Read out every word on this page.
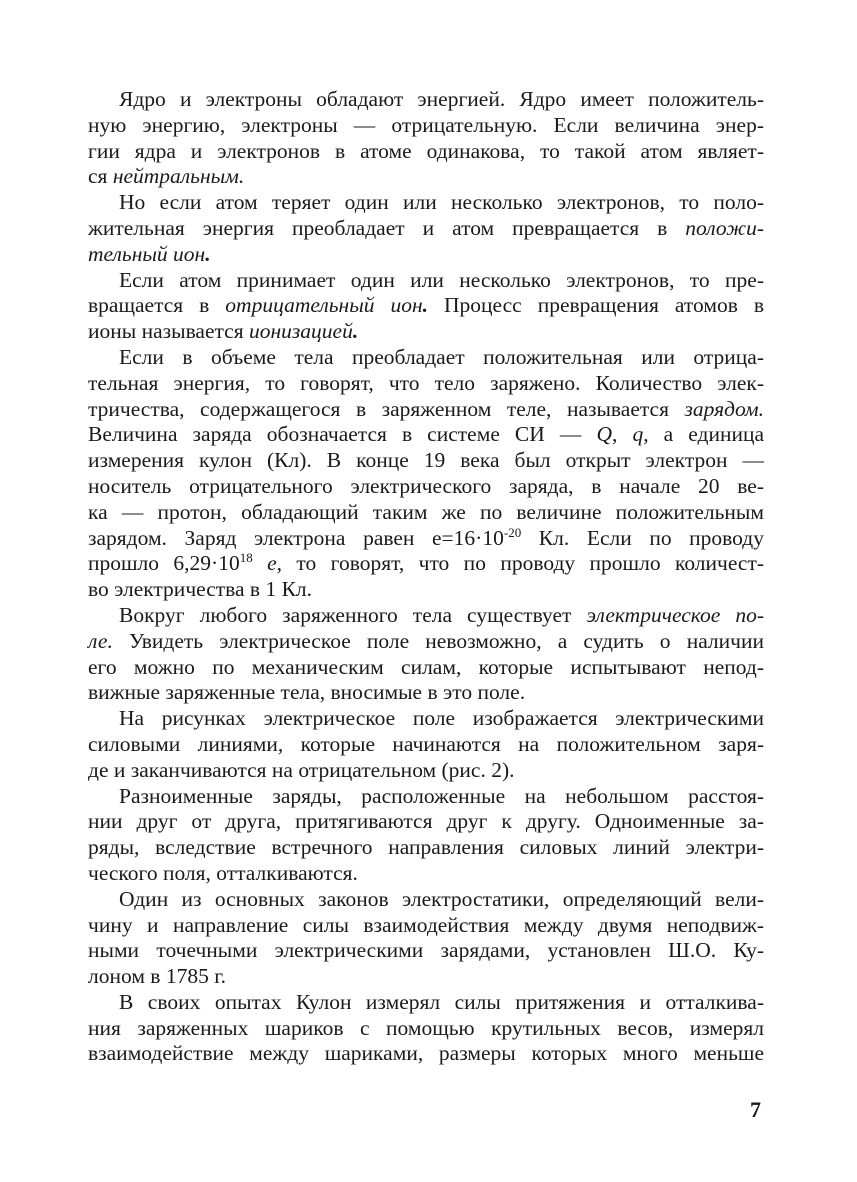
Ядро и электроны обладают энергией. Ядро имеет положитель-
ную энергию, электроны — отрицательную. Если величина энер-
гии ядра и электронов в атоме одинакова, то такой атом являет-
ся нейтральным.
Но если атом теряет один или несколько электронов, то поло-
жительная энергия преобладает и атом превращается в положи-
тельный ион.
Если атом принимает один или несколько электронов, то пре-
вращается в отрицательный ион. Процесс превращения атомов в
ионы называется ионизацией.
Если в объеме тела преобладает положительная или отрица-
тельная энергия, то говорят, что тело заряжено. Количество элек-
тричества, содержащегося в заряженном теле, называется зарядом.
Величина заряда обозначается в системе СИ — Q, q, а единица
измерения кулон (Кл). В конце 19 века был открыт электрон —
носитель отрицательного электрического заряда, в начале 20 ве-
ка — протон, обладающий таким же по величине положительным
зарядом. Заряд электрона равен $е=16\cdot 10^{-20}$ Кл. Если по проводу
прошло $6,29\cdot 10^{18}$ е, то говорят, что по проводу прошло количест-
во электричества в 1 Кл.
Вокруг любого заряженного тела существует электрическое по-
ле. Увидеть электрическое поле невозможно, а судить о наличии
его можно по механическим силам, которые испытывают непод-
вижные заряженные тела, вносимые в это поле.
На рисунках электрическое поле изображается электрическими
силовыми линиями, которые начинаются на положительном заря-
де и заканчиваются на отрицательном (рис. 2).
Разноименные заряды, расположенные на небольшом расстоя-
нии друг от друга, притягиваются друг к другу. Одноименные за-
ряды, вследствие встречного направления силовых линий электри-
ческого поля, отталкиваются.
Один из основных законов электростатики, определяющий вели-
чину и направление силы взаимодействия между двумя неподвиж-
ными точечными электрическими зарядами, установлен Ш.О. Ку-
лоном в 1785 г.
В своих опытах Кулон измерял силы притяжения и отталкива-
ния заряженных шариков с помощью крутильных весов, измерял
взаимодействие между шариками, размеры которых много меньше
7
